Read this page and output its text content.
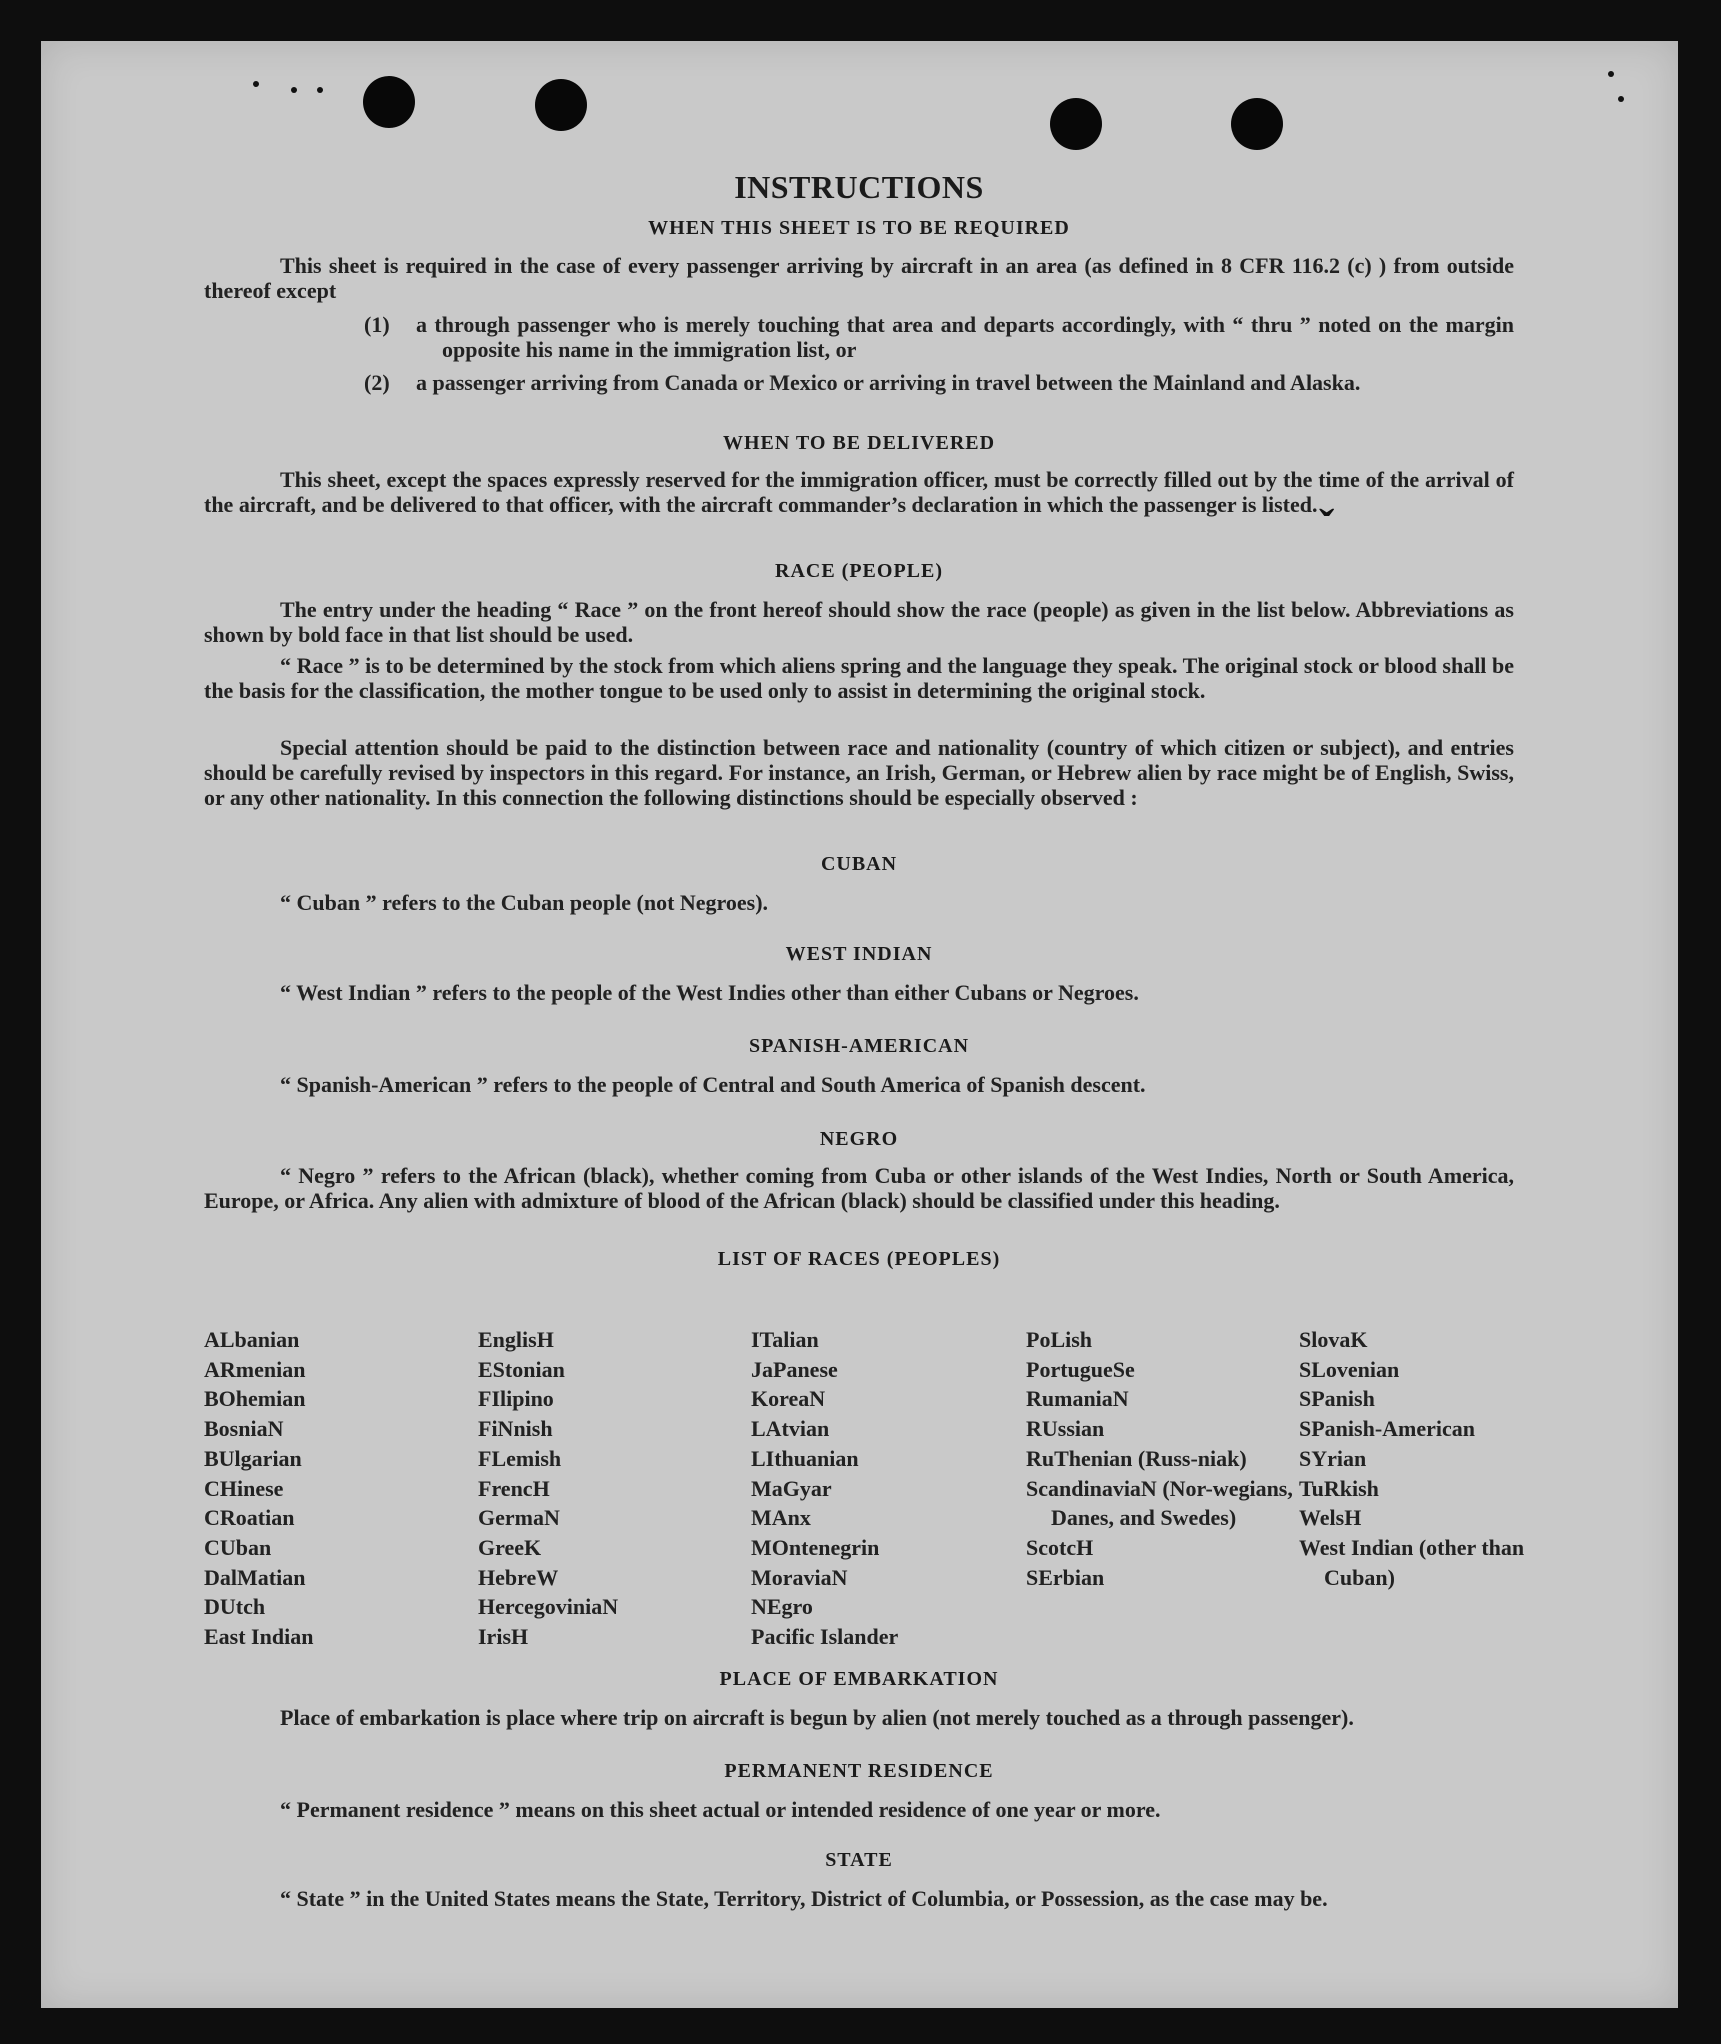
ˇ
INSTRUCTIONS
WHEN THIS SHEET IS TO BE REQUIRED

This sheet is required in the case of every passenger arriving by aircraft in an area (as defined in 8 CFR 116.2 (c) ) from outside thereof except

(1) a through passenger who is merely touching that area and departs accordingly, with “ thru ” noted on the margin opposite his name in the immigration list, or
(2) a passenger arriving from Canada or Mexico or arriving in travel between the Mainland and Alaska.
WHEN TO BE DELIVERED

This sheet, except the spaces expressly reserved for the immigration officer, must be correctly filled out by the time of the arrival of the aircraft, and be delivered to that officer, with the aircraft commander’s declaration in which the passenger is listed.

RACE (PEOPLE)

The entry under the heading “ Race ” on the front hereof should show the race (people) as given in the list below. Abbreviations as shown by bold face in that list should be used.

“ Race ” is to be determined by the stock from which aliens spring and the language they speak. The original stock or blood shall be the basis for the classification, the mother tongue to be used only to assist in determining the original stock.

Special attention should be paid to the distinction between race and nationality (country of which citizen or subject), and entries should be carefully revised by inspectors in this regard. For instance, an Irish, German, or Hebrew alien by race might be of English, Swiss, or any other nationality. In this connection the following distinctions should be especially observed :

CUBAN

“ Cuban ” refers to the Cuban people (not Negroes).

WEST INDIAN

“ West Indian ” refers to the people of the West Indies other than either Cubans or Negroes.

SPANISH-AMERICAN

“ Spanish-American ” refers to the people of Central and South America of Spanish descent.

NEGRO

“ Negro ” refers to the African (black), whether coming from Cuba or other islands of the West Indies, North or South America, Europe, or Africa. Any alien with admixture of blood of the African (black) should be classified under this heading.

LIST OF RACES (PEOPLES)
ALbanian
ARmenian
BOhemian
BosniaN
BUlgarian
CHinese
CRoatian
CUban
DalMatian
DUtch
East Indian
EnglisH
EStonian
FIlipino
FiNnish
FLemish
FrencH
GermaN
GreeK
HebreW
HercegoviniaN
IrisH
ITalian
JaPanese
KoreaN
LAtvian
LIthuanian
MaGyar
MAnx
MOntenegrin
MoraviaN
NEgro
Pacific Islander
PoLish
PortugueSe
RumaniaN
RUssian
RuThenian (Russ-niak)
ScandinaviaN (Nor-wegians, Danes, and Swedes)
ScotcH
SErbian
SlovaK
SLovenian
SPanish
SPanish-American
SYrian
TuRkish
WelsH
West Indian (other than Cuban)
PLACE OF EMBARKATION

Place of embarkation is place where trip on aircraft is begun by alien (not merely touched as a through passenger).

PERMANENT RESIDENCE

“ Permanent residence ” means on this sheet actual or intended residence of one year or more.

STATE

“ State ” in the United States means the State, Territory, District of Columbia, or Possession, as the case may be.
